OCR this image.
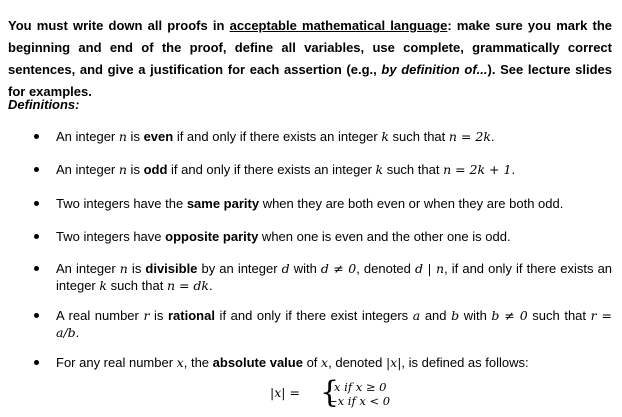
You must write down all proofs in acceptable mathematical language: make sure you mark the beginning and end of the proof, define all variables, use complete, grammatically correct sentences, and give a justification for each assertion (e.g., by definition of...). See lecture slides for examples.

Definitions:
An integer n is even if and only if there exists an integer k such that n = 2k.
An integer n is odd if and only if there exists an integer k such that n = 2k + 1.
Two integers have the same parity when they are both even or when they are both odd.
Two integers have opposite parity when one is even and the other one is odd.
An integer n is divisible by an integer d with d ≠ 0, denoted d | n, if and only if there exists an integer k such that n = dk.
A real number r is rational if and only if there exist integers a and b with b ≠ 0 such that r = a/b.
For any real number x, the absolute value of x, denoted |x|, is defined as follows:
|x| = {
x if x ≥ 0
−x if x < 0
